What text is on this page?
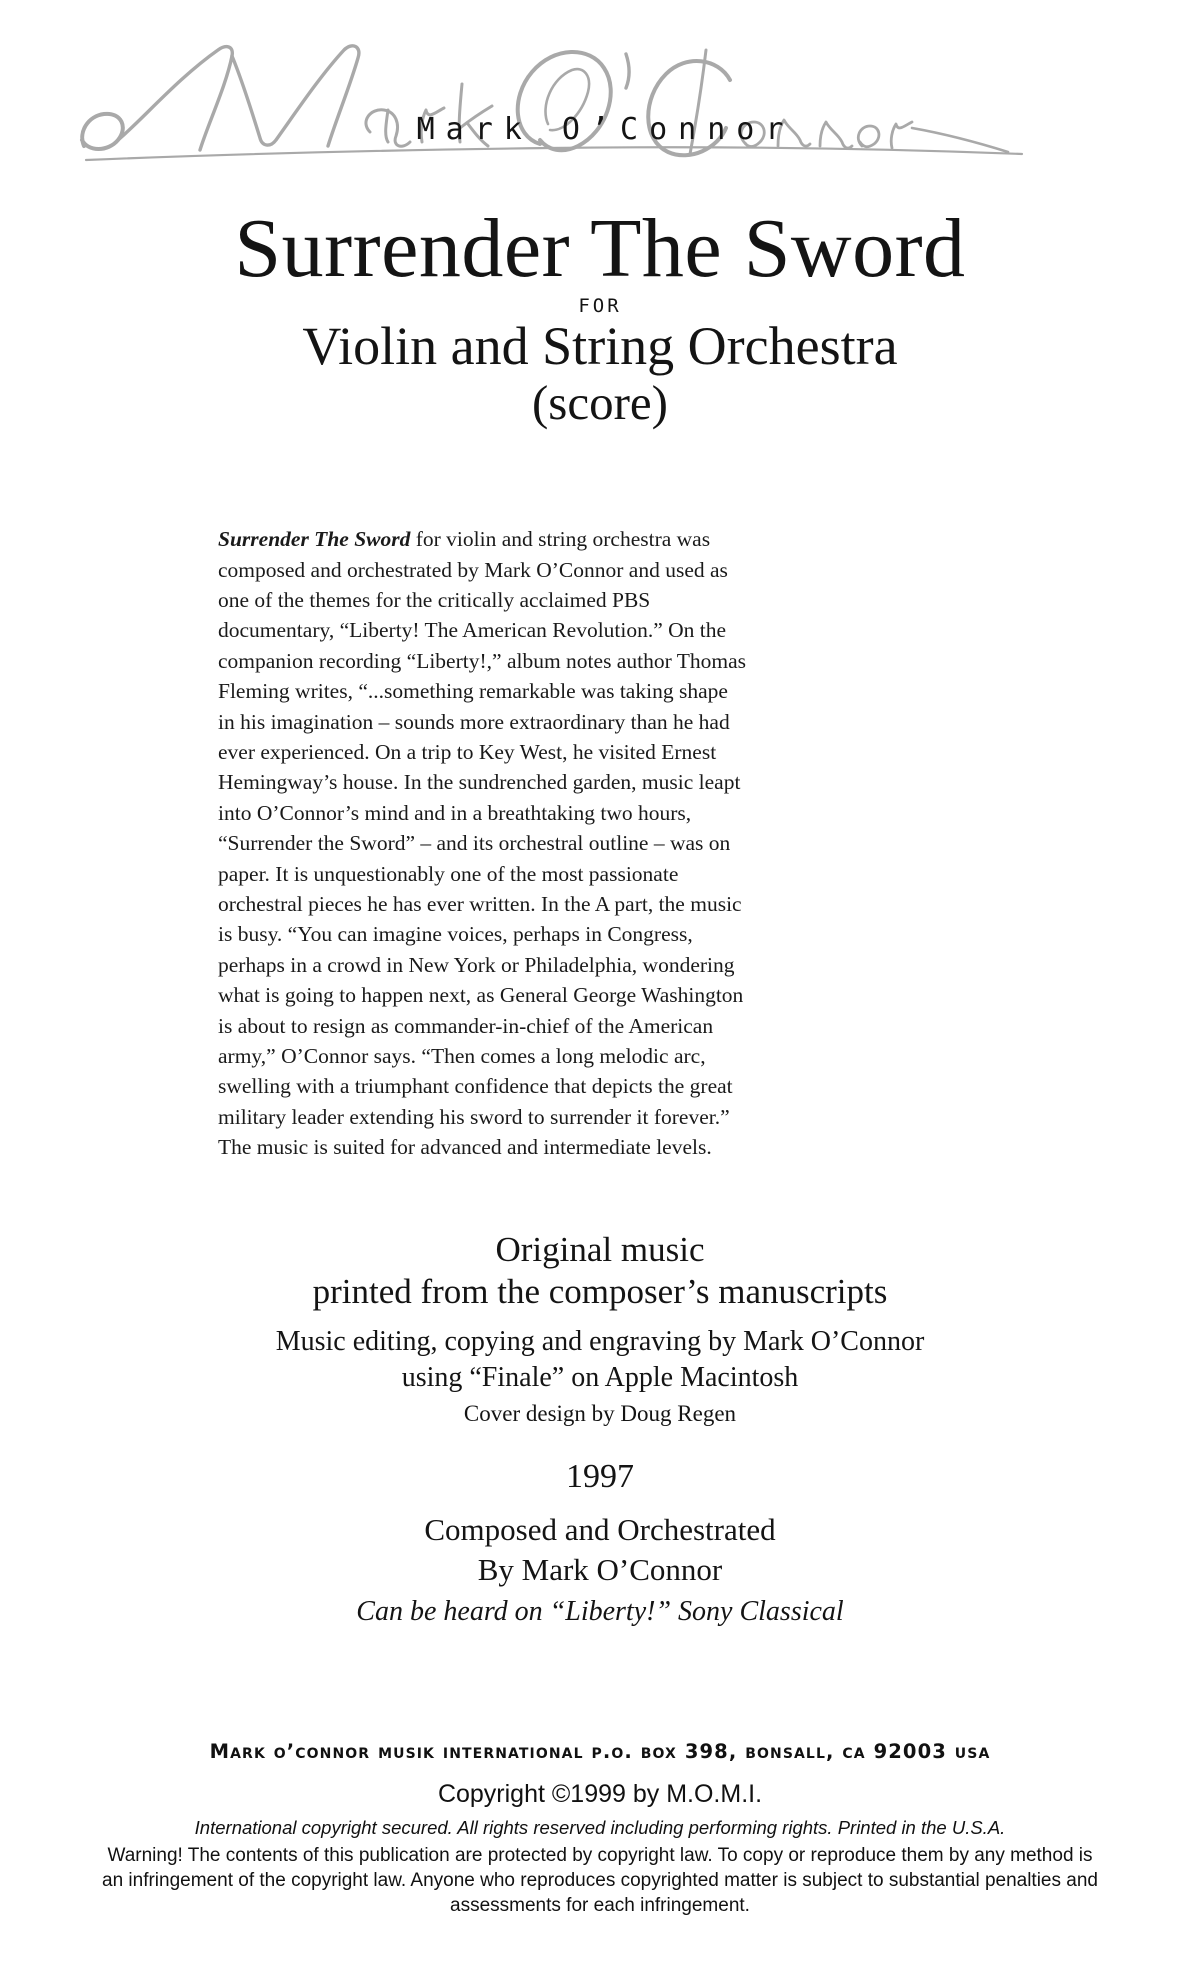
Mark O’Connor
Surrender The Sword
FOR
Violin and String Orchestra
(score)
Surrender The Sword for violin and string orchestra was composed and orchestrated by Mark O’Connor and used as one of the themes for the critically acclaimed PBS documentary, “Liberty! The American Revolution.” On the companion recording “Liberty!,” album notes author Thomas Fleming writes, “...something remarkable was taking shape in his imagination – sounds more extraordinary than he had ever experienced. On a trip to Key West, he visited Ernest Hemingway’s house. In the sundrenched garden, music leapt into O’Connor’s mind and in a breathtaking two hours, “Surrender the Sword” – and its orchestral outline – was on paper. It is unquestionably one of the most passionate orchestral pieces he has ever written. In the A part, the music is busy. “You can imagine voices, perhaps in Congress, perhaps in a crowd in New York or Philadelphia, wondering what is going to happen next, as General George Washington is about to resign as commander-in-chief of the American army,” O’Connor says. “Then comes a long melodic arc, swelling with a triumphant confidence that depicts the great military leader extending his sword to surrender it forever.” The music is suited for advanced and intermediate levels.
Original music
printed from the composer’s manuscripts
Music editing, copying and engraving by Mark O’Connor
using “Finale” on Apple Macintosh
Cover design by Doug Regen
1997
Composed and Orchestrated
By Mark O’Connor
Can be heard on “Liberty!” Sony Classical
Mark o’connor musik international p.o. box 398, bonsall, ca 92003 usa
Copyright ©1999 by M.O.M.I.
International copyright secured. All rights reserved including performing rights. Printed in the U.S.A.
Warning! The contents of this publication are protected by copyright law. To copy or reproduce them by any method is
an infringement of the copyright law. Anyone who reproduces copyrighted matter is subject to substantial penalties and
assessments for each infringement.
